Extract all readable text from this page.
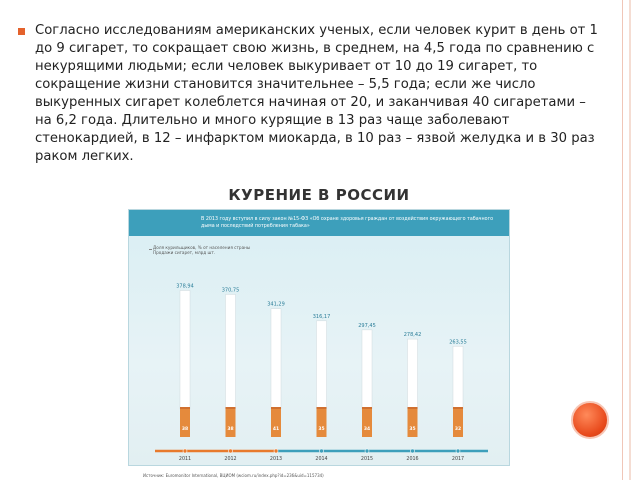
Согласно исследованиям американских ученых, если человек курит в день от 1 до 9 сигарет, то сокращает свою жизнь, в среднем, на 4,5 года по сравнению с некурящими людьми; если человек выкуривает от 10 до 19 сигарет, то сокращение жизни становится значительнее – 5,5 года; если же число выкуренных сигарет колеблется начиная от 20, и заканчивая 40 сигаретами – на 6,2 года. Длительно и много курящие в 13 раз чаще заболевают стенокардией, в 12 – инфарктом миокарда, в 10 раз – язвой желудка и в 30 раз раком легких.

КУРЕНИЕ В РОССИИ
В 2013 году вступил в силу закон №15-ФЗ «Об охране здоровья граждан от воздействия окружающего табачного дыма и последствий потребления табака»
Доля курильщиков, % от населения страны
Продажи сигарет, млрд шт.
378,94
38
2011
370,75
38
2012
341,29
41
2013
316,17
35
2014
297,45
34
2015
278,42
35
2016
263,55
32
2017
Источник: Euromonitor International, ВЦИОМ (wciom.ru/index.php?id=236&uid=115734)
